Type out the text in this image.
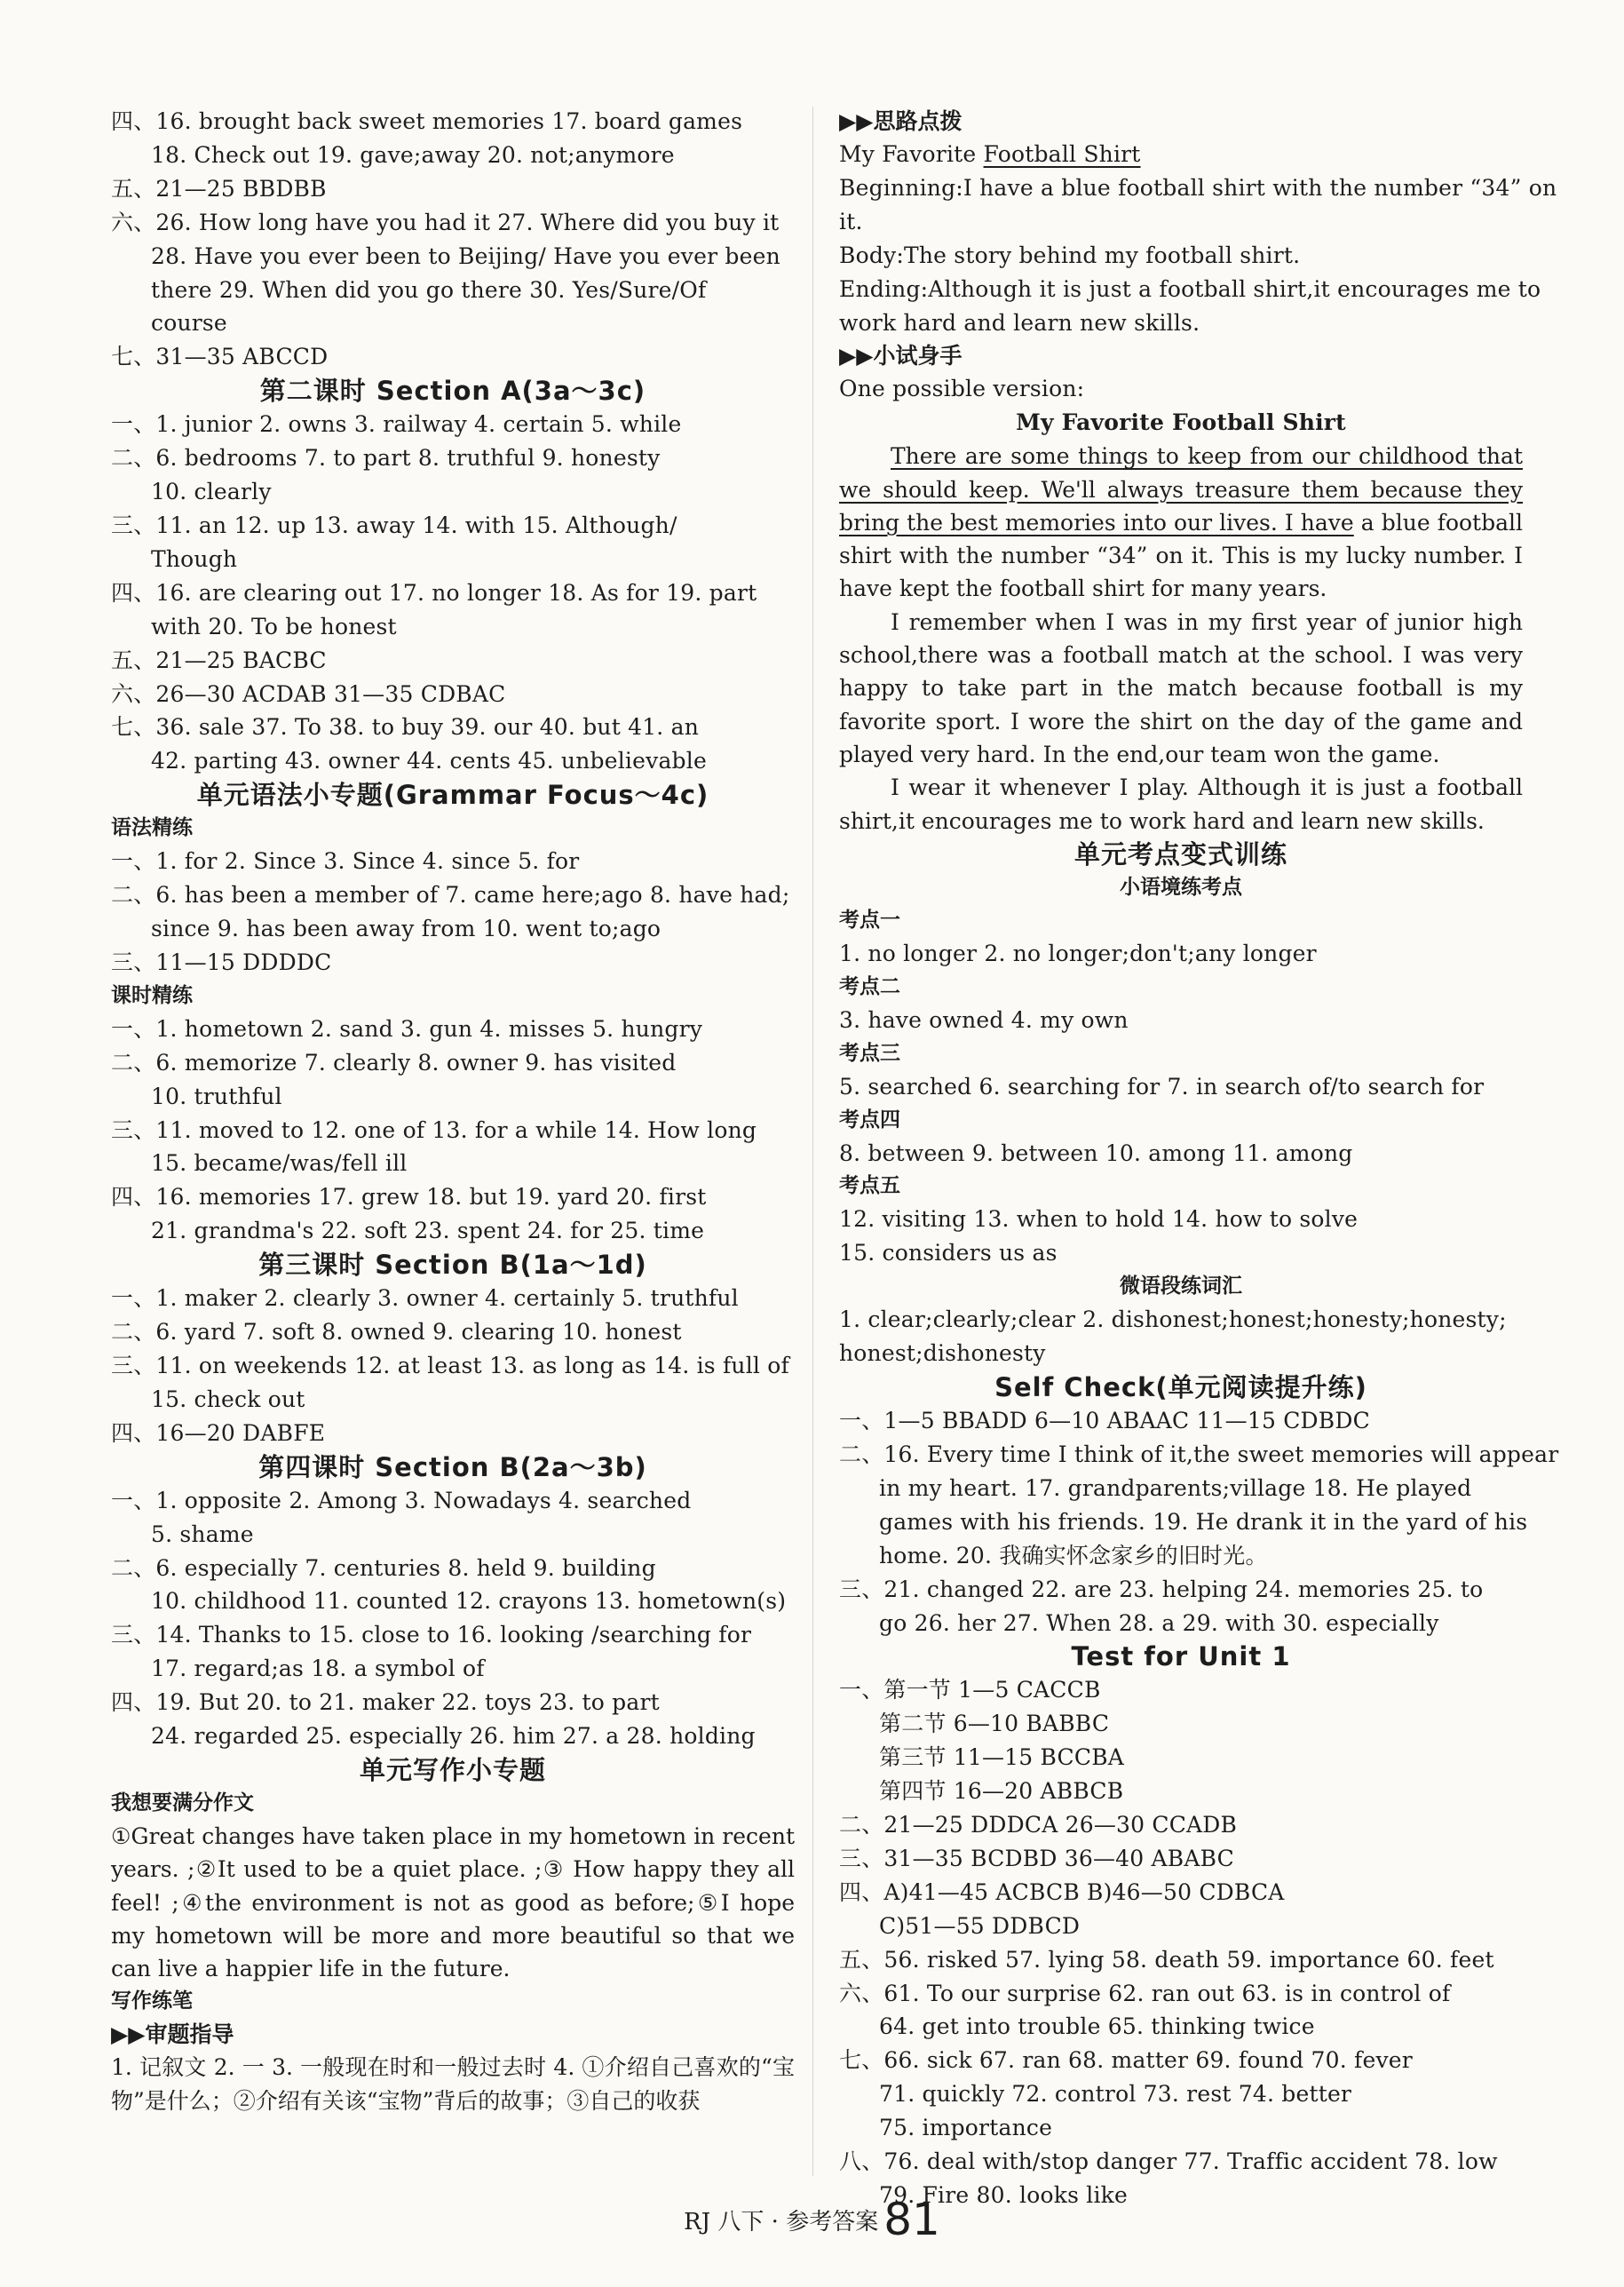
四、16. brought back sweet memories 17. board games
18. Check out 19. gave;away 20. not;anymore
五、21—25 BBDBB
六、26. How long have you had it 27. Where did you buy it
28. Have you ever been to Beijing/ Have you ever been
there 29. When did you go there 30. Yes/Sure/Of
course
七、31—35 ABCCD
第二课时 Section A(3a～3c)
一、1. junior 2. owns 3. railway 4. certain 5. while
二、6. bedrooms 7. to part 8. truthful 9. honesty
10. clearly
三、11. an 12. up 13. away 14. with 15. Although/
Though
四、16. are clearing out 17. no longer 18. As for 19. part
with 20. To be honest
五、21—25 BACBC
六、26—30 ACDAB 31—35 CDBAC
七、36. sale 37. To 38. to buy 39. our 40. but 41. an
42. parting 43. owner 44. cents 45. unbelievable
单元语法小专题(Grammar Focus～4c)
语法精练
一、1. for 2. Since 3. Since 4. since 5. for
二、6. has been a member of 7. came here;ago 8. have had;
since 9. has been away from 10. went to;ago
三、11—15 DDDDC
课时精练
一、1. hometown 2. sand 3. gun 4. misses 5. hungry
二、6. memorize 7. clearly 8. owner 9. has visited
10. truthful
三、11. moved to 12. one of 13. for a while 14. How long
15. became/was/fell ill
四、16. memories 17. grew 18. but 19. yard 20. first
21. grandma's 22. soft 23. spent 24. for 25. time
第三课时 Section B(1a～1d)
一、1. maker 2. clearly 3. owner 4. certainly 5. truthful
二、6. yard 7. soft 8. owned 9. clearing 10. honest
三、11. on weekends 12. at least 13. as long as 14. is full of
15. check out
四、16—20 DABFE
第四课时 Section B(2a～3b)
一、1. opposite 2. Among 3. Nowadays 4. searched
5. shame
二、6. especially 7. centuries 8. held 9. building
10. childhood 11. counted 12. crayons 13. hometown(s)
三、14. Thanks to 15. close to 16. looking /searching for
17. regard;as 18. a symbol of
四、19. But 20. to 21. maker 22. toys 23. to part
24. regarded 25. especially 26. him 27. a 28. holding
单元写作小专题
我想要满分作文
①Great changes have taken place in my hometown in recent years. ;②It used to be a quiet place. ;③ How happy they all feel! ;④the environment is not as good as before;⑤I hope my hometown will be more and more beautiful so that we can live a happier life in the future.
写作练笔
▶▶审题指导
1. 记叙文 2. 一 3. 一般现在时和一般过去时 4. ①介绍自己喜欢的“宝物”是什么；②介绍有关该“宝物”背后的故事；③自己的收获
▶▶思路点拨
My Favorite Football Shirt
Beginning:I have a blue football shirt with the number “34” on
it.
Body:The story behind my football shirt.
Ending:Although it is just a football shirt,it encourages me to
work hard and learn new skills.
▶▶小试身手
One possible version:
My Favorite Football Shirt
There are some things to keep from our childhood that we should keep. We'll always treasure them because they bring the best memories into our lives. I have a blue football shirt with the number “34” on it. This is my lucky number. I have kept the football shirt for many years.
I remember when I was in my first year of junior high school,there was a football match at the school. I was very happy to take part in the match because football is my favorite sport. I wore the shirt on the day of the game and played very hard. In the end,our team won the game.
I wear it whenever I play. Although it is just a football shirt,it encourages me to work hard and learn new skills.
单元考点变式训练
小语境练考点
考点一
1. no longer 2. no longer;don't;any longer
考点二
3. have owned 4. my own
考点三
5. searched 6. searching for 7. in search of/to search for
考点四
8. between 9. between 10. among 11. among
考点五
12. visiting 13. when to hold 14. how to solve
15. considers us as
微语段练词汇
1. clear;clearly;clear 2. dishonest;honest;honesty;honesty;
honest;dishonesty
Self Check(单元阅读提升练)
一、1—5 BBADD 6—10 ABAAC 11—15 CDBDC
二、16. Every time I think of it,the sweet memories will appear
in my heart. 17. grandparents;village 18. He played
games with his friends. 19. He drank it in the yard of his
home. 20. 我确实怀念家乡的旧时光。
三、21. changed 22. are 23. helping 24. memories 25. to
go 26. her 27. When 28. a 29. with 30. especially
Test for Unit 1
一、第一节 1—5 CACCB
第二节 6—10 BABBC
第三节 11—15 BCCBA
第四节 16—20 ABBCB
二、21—25 DDDCA 26—30 CCADB
三、31—35 BCDBD 36—40 ABABC
四、A)41—45 ACBCB B)46—50 CDBCA
C)51—55 DDBCD
五、56. risked 57. lying 58. death 59. importance 60. feet
六、61. To our surprise 62. ran out 63. is in control of
64. get into trouble 65. thinking twice
七、66. sick 67. ran 68. matter 69. found 70. fever
71. quickly 72. control 73. rest 74. better
75. importance
八、76. deal with/stop danger 77. Traffic accident 78. low
79. Fire 80. looks like
RJ 八下 · 参考答案 81
